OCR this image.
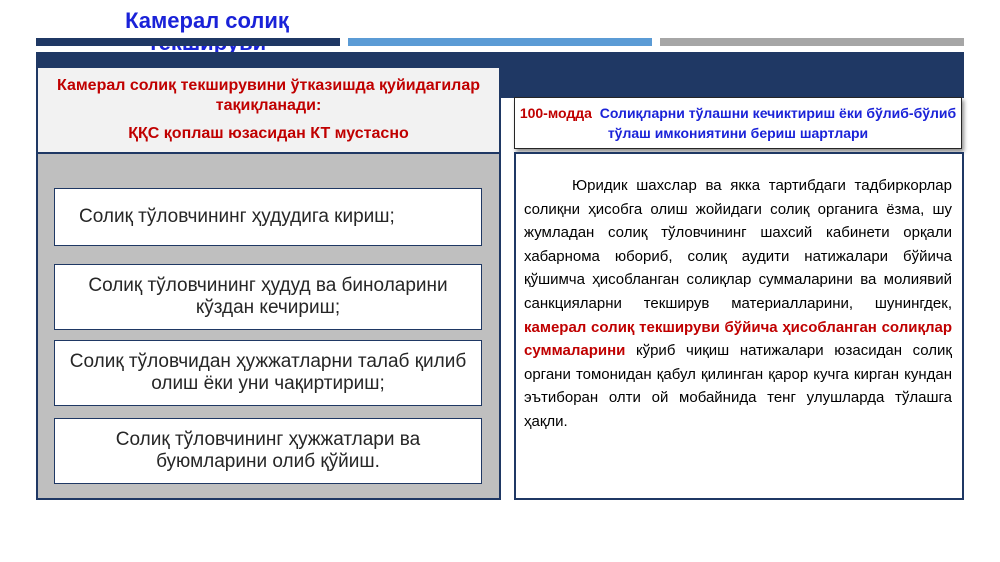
Камерал солиқ
Камерал солиқ текширувини ўтказишда қуйидагилар тақиқланади:
ҚҚС қоплаш юзасидан КТ мустасно
Солиқ тўловчининг ҳудудига кириш;
Солиқ тўловчининг ҳудуд ва биноларини кўздан кечириш;
Солиқ тўловчидан ҳужжатларни талаб қилиб олиш ёки уни чақиртириш;
Солиқ тўловчининг ҳужжатлари ва буюмларини олиб қўйиш.
100-модда Солиқларни тўлашни кечиктириш ёки бўлиб-бўлиб тўлаш имкониятини бериш шартлари
Юридик шахслар ва якка тартибдаги тадбиркорлар солиқни ҳисобга олиш жойидаги солиқ органига ёзма, шу жумладан солиқ тўловчининг шахсий кабинети орқали хабарнома юбориб, солиқ аудити натижалари бўйича қўшимча ҳисобланган солиқлар суммаларини ва молиявий санкцияларни текширув материалларини, шунингдек, камерал солиқ текшируви бўйича ҳисобланган солиқлар суммаларини кўриб чиқиш натижалари юзасидан солиқ органи томонидан қабул қилинган қарор кучга кирган кундан эътиборан олти ой мобайнида тенг улушларда тўлашга ҳақли.
